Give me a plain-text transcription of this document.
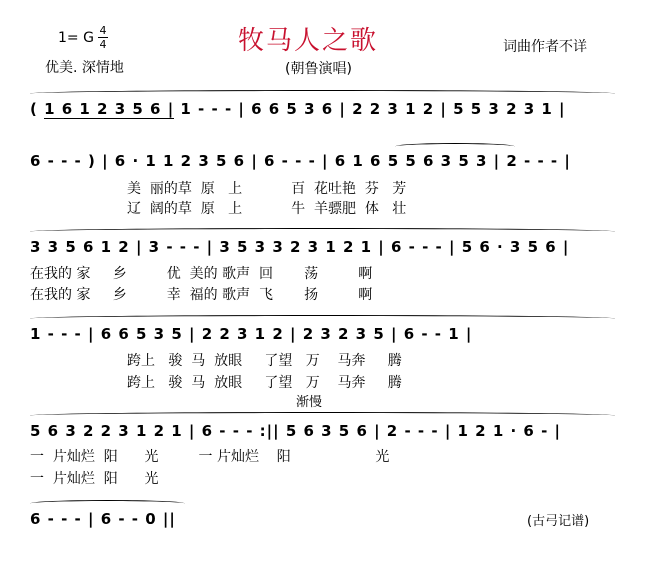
牧马人之歌
1= G 4
4
优美. 深情地
词曲作者不详
(朝鲁演唱)
( 1 6 1 2 3 5 6 | 1 - - - | 6 6 5 3 6 | 2 2 3 1 2 | 5 5 3 2 3 1 |
6 - - - ) | 6 · 1 1 2 3 5 6 | 6 - - - | 6 1 6 5 5 6 3 5 3 | 2 - - - |
美  丽的草  原   上           百  花吐艳  芬   芳
辽  阔的草  原   上           牛  羊骠肥  体   壮
3 3 5 6 1 2 | 3 - - - | 3 5 3 3 2 3 1 2 1 | 6 - - - | 5 6 · 3 5 6 |
在我的 家     乡         优  美的 歌声  回       荡         啊
在我的 家     乡         幸  福的 歌声  飞       扬         啊
1 - - - | 6 6 5 3 5 | 2 2 3 1 2 | 2 3 2 3 5 | 6 - - 1 |
跨上   骏  马  放眼     了望   万    马奔     腾
跨上   骏  马  放眼     了望   万    马奔     腾
渐慢
5 6 3 2 2 3 1 2 1 | 6 - - - :|| 5 6 3 5 6 | 2 - - - | 1 2 1 · 6 - |
一  片灿烂  阳      光         一 片灿烂    阳                   光
一  片灿烂  阳      光
6 - - - | 6 - - 0 ||	(古弓记谱)
